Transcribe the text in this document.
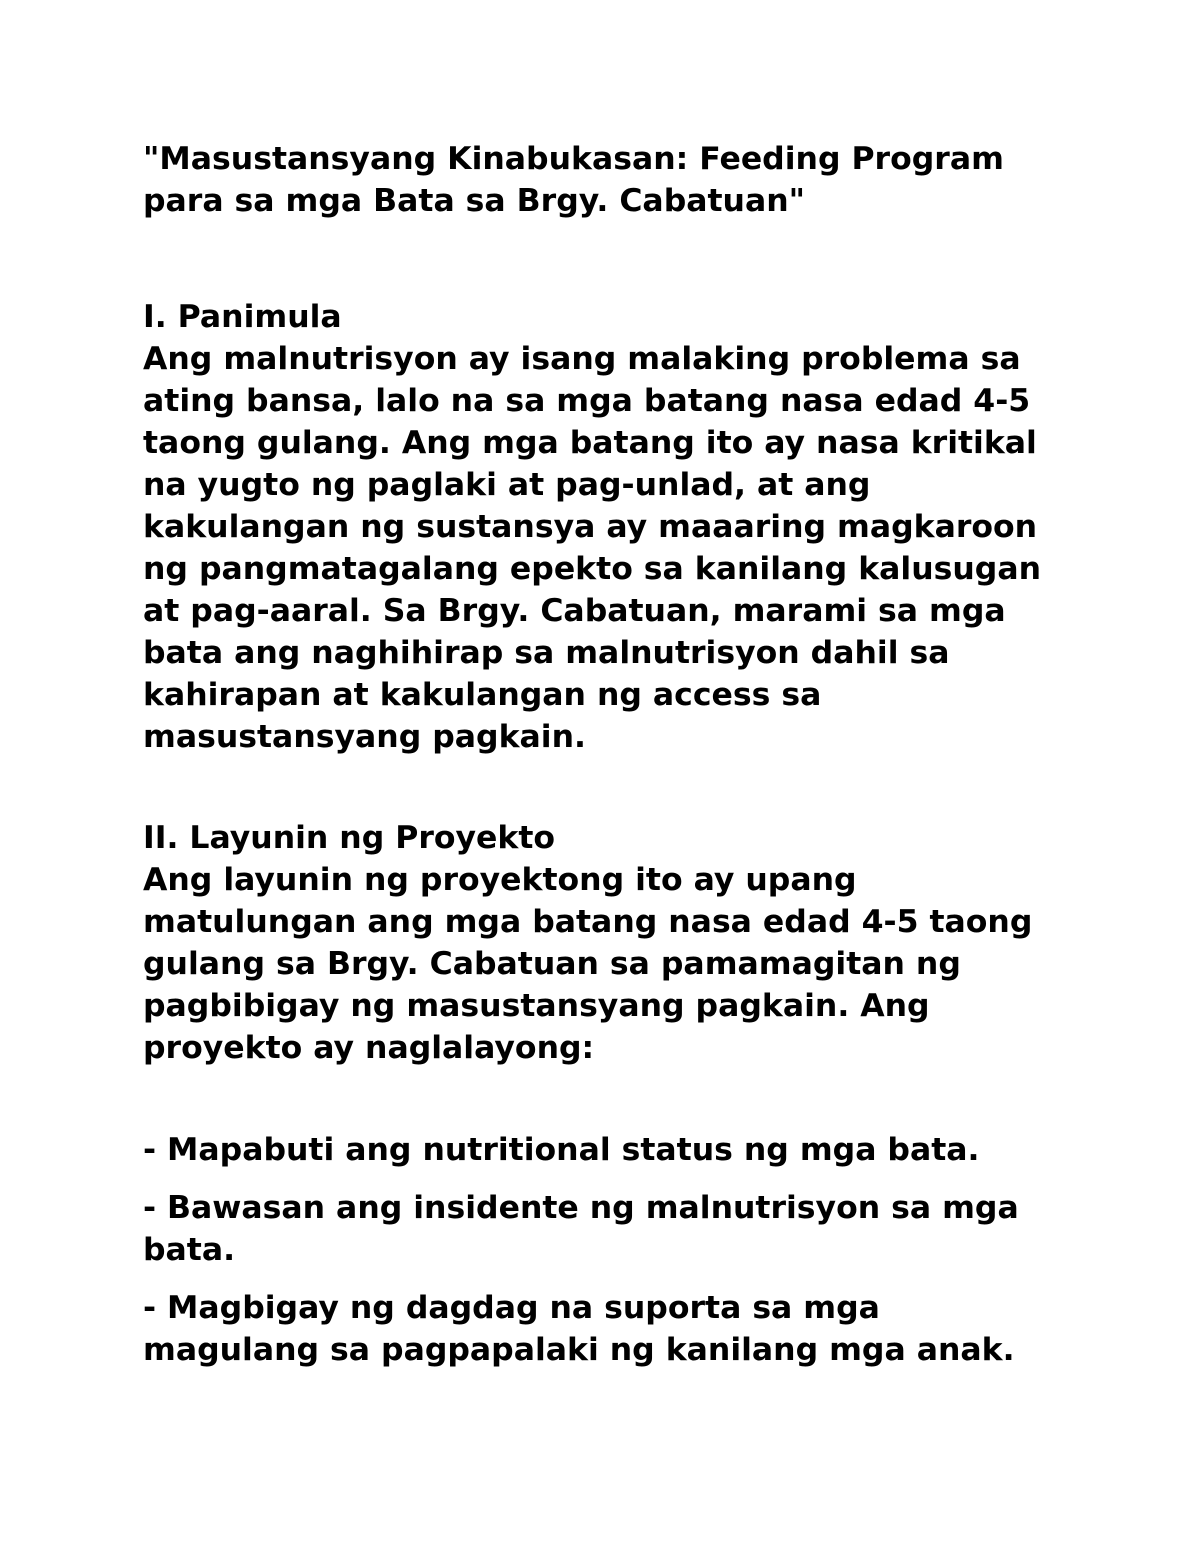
"Masustansyang Kinabukasan: Feeding Program
para sa mga Bata sa Brgy. Cabatuan"

I. Panimula

Ang malnutrisyon ay isang malaking problema sa
ating bansa, lalo na sa mga batang nasa edad 4-5
taong gulang. Ang mga batang ito ay nasa kritikal
na yugto ng paglaki at pag-unlad, at ang
kakulangan ng sustansya ay maaaring magkaroon
ng pangmatagalang epekto sa kanilang kalusugan
at pag-aaral. Sa Brgy. Cabatuan, marami sa mga
bata ang naghihirap sa malnutrisyon dahil sa
kahirapan at kakulangan ng access sa
masustansyang pagkain.

II. Layunin ng Proyekto

Ang layunin ng proyektong ito ay upang
matulungan ang mga batang nasa edad 4-5 taong
gulang sa Brgy. Cabatuan sa pamamagitan ng
pagbibigay ng masustansyang pagkain. Ang
proyekto ay naglalayong:

- Mapabuti ang nutritional status ng mga bata.

- Bawasan ang insidente ng malnutrisyon sa mga
bata.

- Magbigay ng dagdag na suporta sa mga
magulang sa pagpapalaki ng kanilang mga anak.
